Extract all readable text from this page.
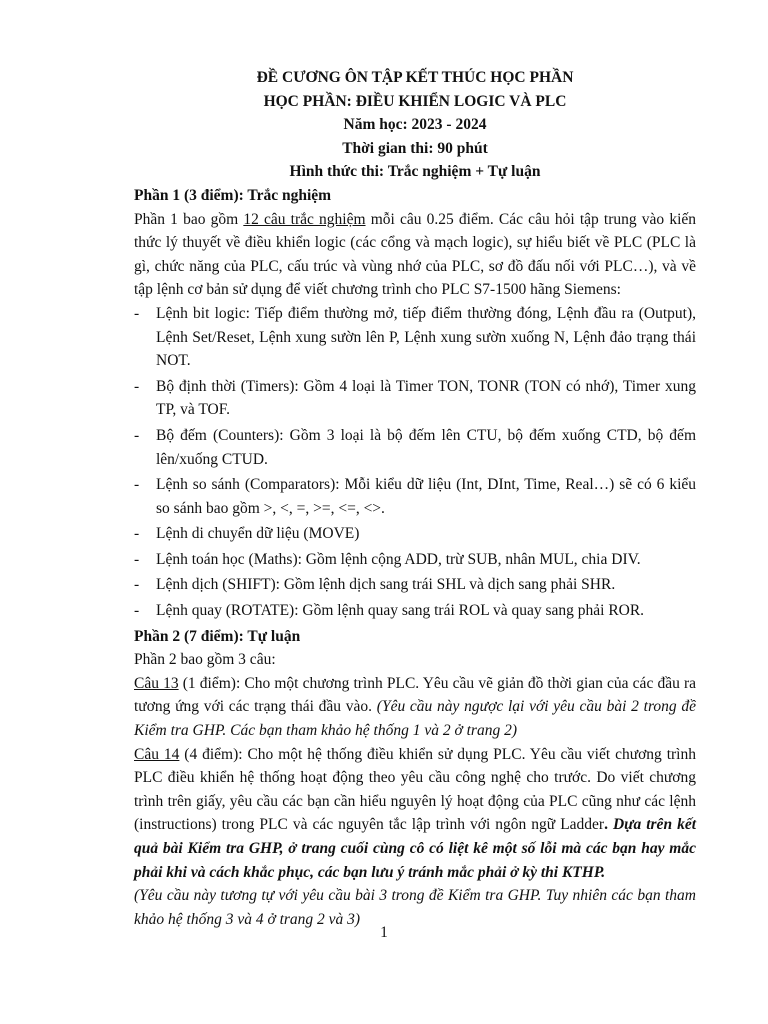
ĐỀ CƯƠNG ÔN TẬP KẾT THÚC HỌC PHẦN
HỌC PHẦN: ĐIỀU KHIỂN LOGIC VÀ PLC
Năm học: 2023 - 2024
Thời gian thi: 90 phút
Hình thức thi: Trắc nghiệm + Tự luận
Phần 1 (3 điểm): Trắc nghiệm
Phần 1 bao gồm 12 câu trắc nghiệm mỗi câu 0.25 điểm. Các câu hỏi tập trung vào kiến thức lý thuyết về điều khiển logic (các cổng và mạch logic), sự hiểu biết về PLC (PLC là gì, chức năng của PLC, cấu trúc và vùng nhớ của PLC, sơ đồ đấu nối với PLC…), và về tập lệnh cơ bản sử dụng để viết chương trình cho PLC S7-1500 hãng Siemens:
- Lệnh bit logic: Tiếp điểm thường mở, tiếp điểm thường đóng, Lệnh đầu ra (Output), Lệnh Set/Reset, Lệnh xung sườn lên P, Lệnh xung sườn xuống N, Lệnh đảo trạng thái NOT.
- Bộ định thời (Timers): Gồm 4 loại là Timer TON, TONR (TON có nhớ), Timer xung TP, và TOF.
- Bộ đếm (Counters): Gồm 3 loại là bộ đếm lên CTU, bộ đếm xuống CTD, bộ đếm lên/xuống CTUD.
- Lệnh so sánh (Comparators): Mỗi kiểu dữ liệu (Int, DInt, Time, Real…) sẽ có 6 kiểu so sánh bao gồm >, <, =, >=, <=, <>.
- Lệnh di chuyển dữ liệu (MOVE)
- Lệnh toán học (Maths): Gồm lệnh cộng ADD, trừ SUB, nhân MUL, chia DIV.
- Lệnh dịch (SHIFT): Gồm lệnh dịch sang trái SHL và dịch sang phải SHR.
- Lệnh quay (ROTATE): Gồm lệnh quay sang trái ROL và quay sang phải ROR.
Phần 2 (7 điểm): Tự luận
Phần 2 bao gồm 3 câu:
Câu 13 (1 điểm): Cho một chương trình PLC. Yêu cầu vẽ giản đồ thời gian của các đầu ra tương ứng với các trạng thái đầu vào. (Yêu cầu này ngược lại với yêu cầu bài 2 trong đề Kiểm tra GHP. Các bạn tham khảo hệ thống 1 và 2 ở trang 2)
Câu 14 (4 điểm): Cho một hệ thống điều khiển sử dụng PLC. Yêu cầu viết chương trình PLC điều khiển hệ thống hoạt động theo yêu cầu công nghệ cho trước. Do viết chương trình trên giấy, yêu cầu các bạn cần hiểu nguyên lý hoạt động của PLC cũng như các lệnh (instructions) trong PLC và các nguyên tắc lập trình với ngôn ngữ Ladder. Dựa trên kết quả bài Kiểm tra GHP, ở trang cuối cùng cô có liệt kê một số lỗi mà các bạn hay mắc phải khi và cách khắc phục, các bạn lưu ý tránh mắc phải ở kỳ thi KTHP.
(Yêu cầu này tương tự với yêu cầu bài 3 trong đề Kiểm tra GHP. Tuy nhiên các bạn tham khảo hệ thống 3 và 4 ở trang 2 và 3)
1
